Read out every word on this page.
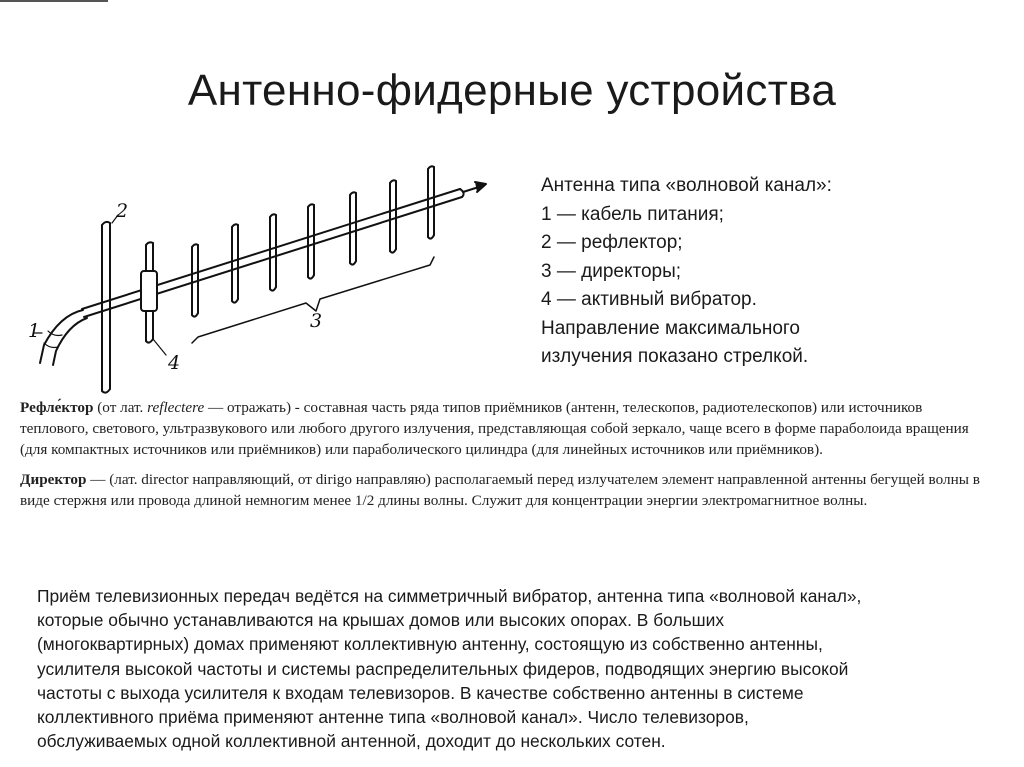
Антенно-фидерные устройства
2
1
4
3
Антенна типа «волновой канал»:
1 — кабель питания;
2 — рефлектор;
3 — директоры;
4 — активный вибратор.
Направление максимального
излучения показано стрелкой.

Рефле́ктор (от лат. reflectere — отражать) - составная часть ряда типов приёмников (антенн, телескопов, радиотелескопов) или источников теплового, светового, ультразвукового или любого другого излучения, представляющая собой зеркало, чаще всего в форме параболоида вращения (для компактных источников или приёмников) или параболического цилиндра (для линейных источников или приёмников).

Директор — (лат. director направляющий, от dirigo направляю) располагаемый перед излучателем элемент направленной антенны бегущей волны в виде стержня или провода длиной немногим менее 1/2 длины волны. Служит для концентрации энергии электромагнитное волны.

Приём телевизионных передач ведётся на симметричный вибратор, антенна типа «волновой канал»,
которые обычно устанавливаются на крышах домов или высоких опорах. В больших
(многоквартирных) домах применяют коллективную антенну, состоящую из собственно антенны,
усилителя высокой частоты и системы распределительных фидеров, подводящих энергию высокой
частоты с выхода усилителя к входам телевизоров. В качестве собственно антенны в системе
коллективного приёма применяют антенне типа «волновой канал». Число телевизоров,
обслуживаемых одной коллективной антенной, доходит до нескольких сотен.
